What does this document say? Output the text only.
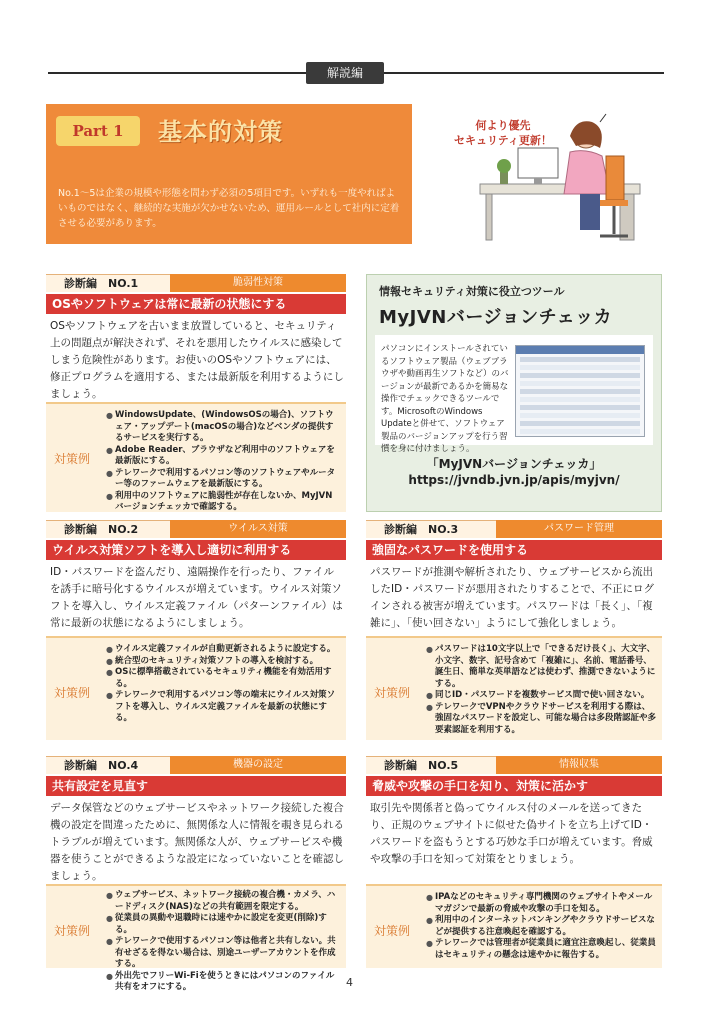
解説編
Part 1	基本的対策
No.1～5は企業の規模や形態を問わず必須の5項目です。いずれも一度やればよいものではなく、継続的な実施が欠かせないため、運用ルールとして社内に定着させる必要があります。
何より優先
セキュリティ更新！
診断編　NO.1	脆弱性対策
OSやソフトウェアは常に最新の状態にする
OSやソフトウェアを古いまま放置していると、セキュリティ上の問題点が解決されず、それを悪用したウイルスに感染してしまう危険性があります。お使いのOSやソフトウェアには、修正プログラムを適用する、または最新版を利用するようにしましょう。
対策例
● WindowsUpdate、(WindowsOSの場合)、ソフトウェア・アップデート(macOSの場合)などベンダの提供するサービスを実行する。
● Adobe Reader、ブラウザなど利用中のソフトウェアを最新版にする。
● テレワークで利用するパソコン等のソフトウェアやルーター等のファームウェアを最新版にする。
● 利用中のソフトウェアに脆弱性が存在しないか、MyJVNバージョンチェッカで確認する。
情報セキュリティ対策に役立つツール
MyJVNバージョンチェッカ
パソコンにインストールされているソフトウェア製品（ウェブブラウザや動画再生ソフトなど）のバージョンが最新であるかを簡易な操作でチェックできるツールです。MicrosoftのWindows Updateと併せて、ソフトウェア製品のバージョンアップを行う習慣を身に付けましょう。
「MyJVNバージョンチェッカ」
https://jvndb.jvn.jp/apis/myjvn/
診断編　NO.2	ウイルス対策
ウイルス対策ソフトを導入し適切に利用する
ID・パスワードを盗んだり、遠隔操作を行ったり、ファイルを誘手に暗号化するウイルスが増えています。ウイルス対策ソフトを導入し、ウイルス定義ファイル（パターンファイル）は常に最新の状態になるようにしましょう。
対策例
● ウイルス定義ファイルが自動更新されるように設定する。
● 統合型のセキュリティ対策ソフトの導入を検討する。
● OSに標準搭載されているセキュリティ機能を有効活用する。
● テレワークで利用するパソコン等の端末にウイルス対策ソフトを導入し、ウイルス定義ファイルを最新の状態にする。
診断編　NO.3	パスワード管理
強固なパスワードを使用する
パスワードが推測や解析されたり、ウェブサービスから流出したID・パスワードが悪用されたりすることで、不正にログインされる被害が増えています。パスワードは「長く」、「複雑に」、「使い回さない」ようにして強化しましょう。
対策例
● パスワードは10文字以上で「できるだけ長く」、大文字、小文字、数字、記号含めて「複雑に」、名前、電話番号、誕生日、簡単な英単語などは使わず、推測できないようにする。
● 同じID・パスワードを複数サービス間で使い回さない。
● テレワークでVPNやクラウドサービスを利用する際は、強固なパスワードを設定し、可能な場合は多段階認証や多要素認証を利用する。
診断編　NO.4	機器の設定
共有設定を見直す
データ保管などのウェブサービスやネットワーク接続した複合機の設定を間違ったために、無関係な人に情報を覗き見られるトラブルが増えています。無関係な人が、ウェブサービスや機器を使うことができるような設定になっていないことを確認しましょう。
対策例
● ウェブサービス、ネットワーク接続の複合機・カメラ、ハードディスク(NAS)などの共有範囲を限定する。
● 従業員の異動や退職時には速やかに設定を変更(削除)する。
● テレワークで使用するパソコン等は他者と共有しない。共有せざるを得ない場合は、別途ユーザーアカウントを作成する。
● 外出先でフリーWi-Fiを使うときにはパソコンのファイル共有をオフにする。
診断編　NO.5	情報収集
脅威や攻撃の手口を知り、対策に活かす
取引先や関係者と偽ってウイルス付のメールを送ってきたり、正規のウェブサイトに似せた偽サイトを立ち上げてID・パスワードを盗もうとする巧妙な手口が増えています。脅威や攻撃の手口を知って対策をとりましょう。
対策例
● IPAなどのセキュリティ専門機関のウェブサイトやメールマガジンで最新の脅威や攻撃の手口を知る。
● 利用中のインターネットバンキングやクラウドサービスなどが提供する注意喚起を確認する。
● テレワークでは管理者が従業員に適宜注意喚起し、従業員はセキュリティの懸念は速やかに報告する。
4
